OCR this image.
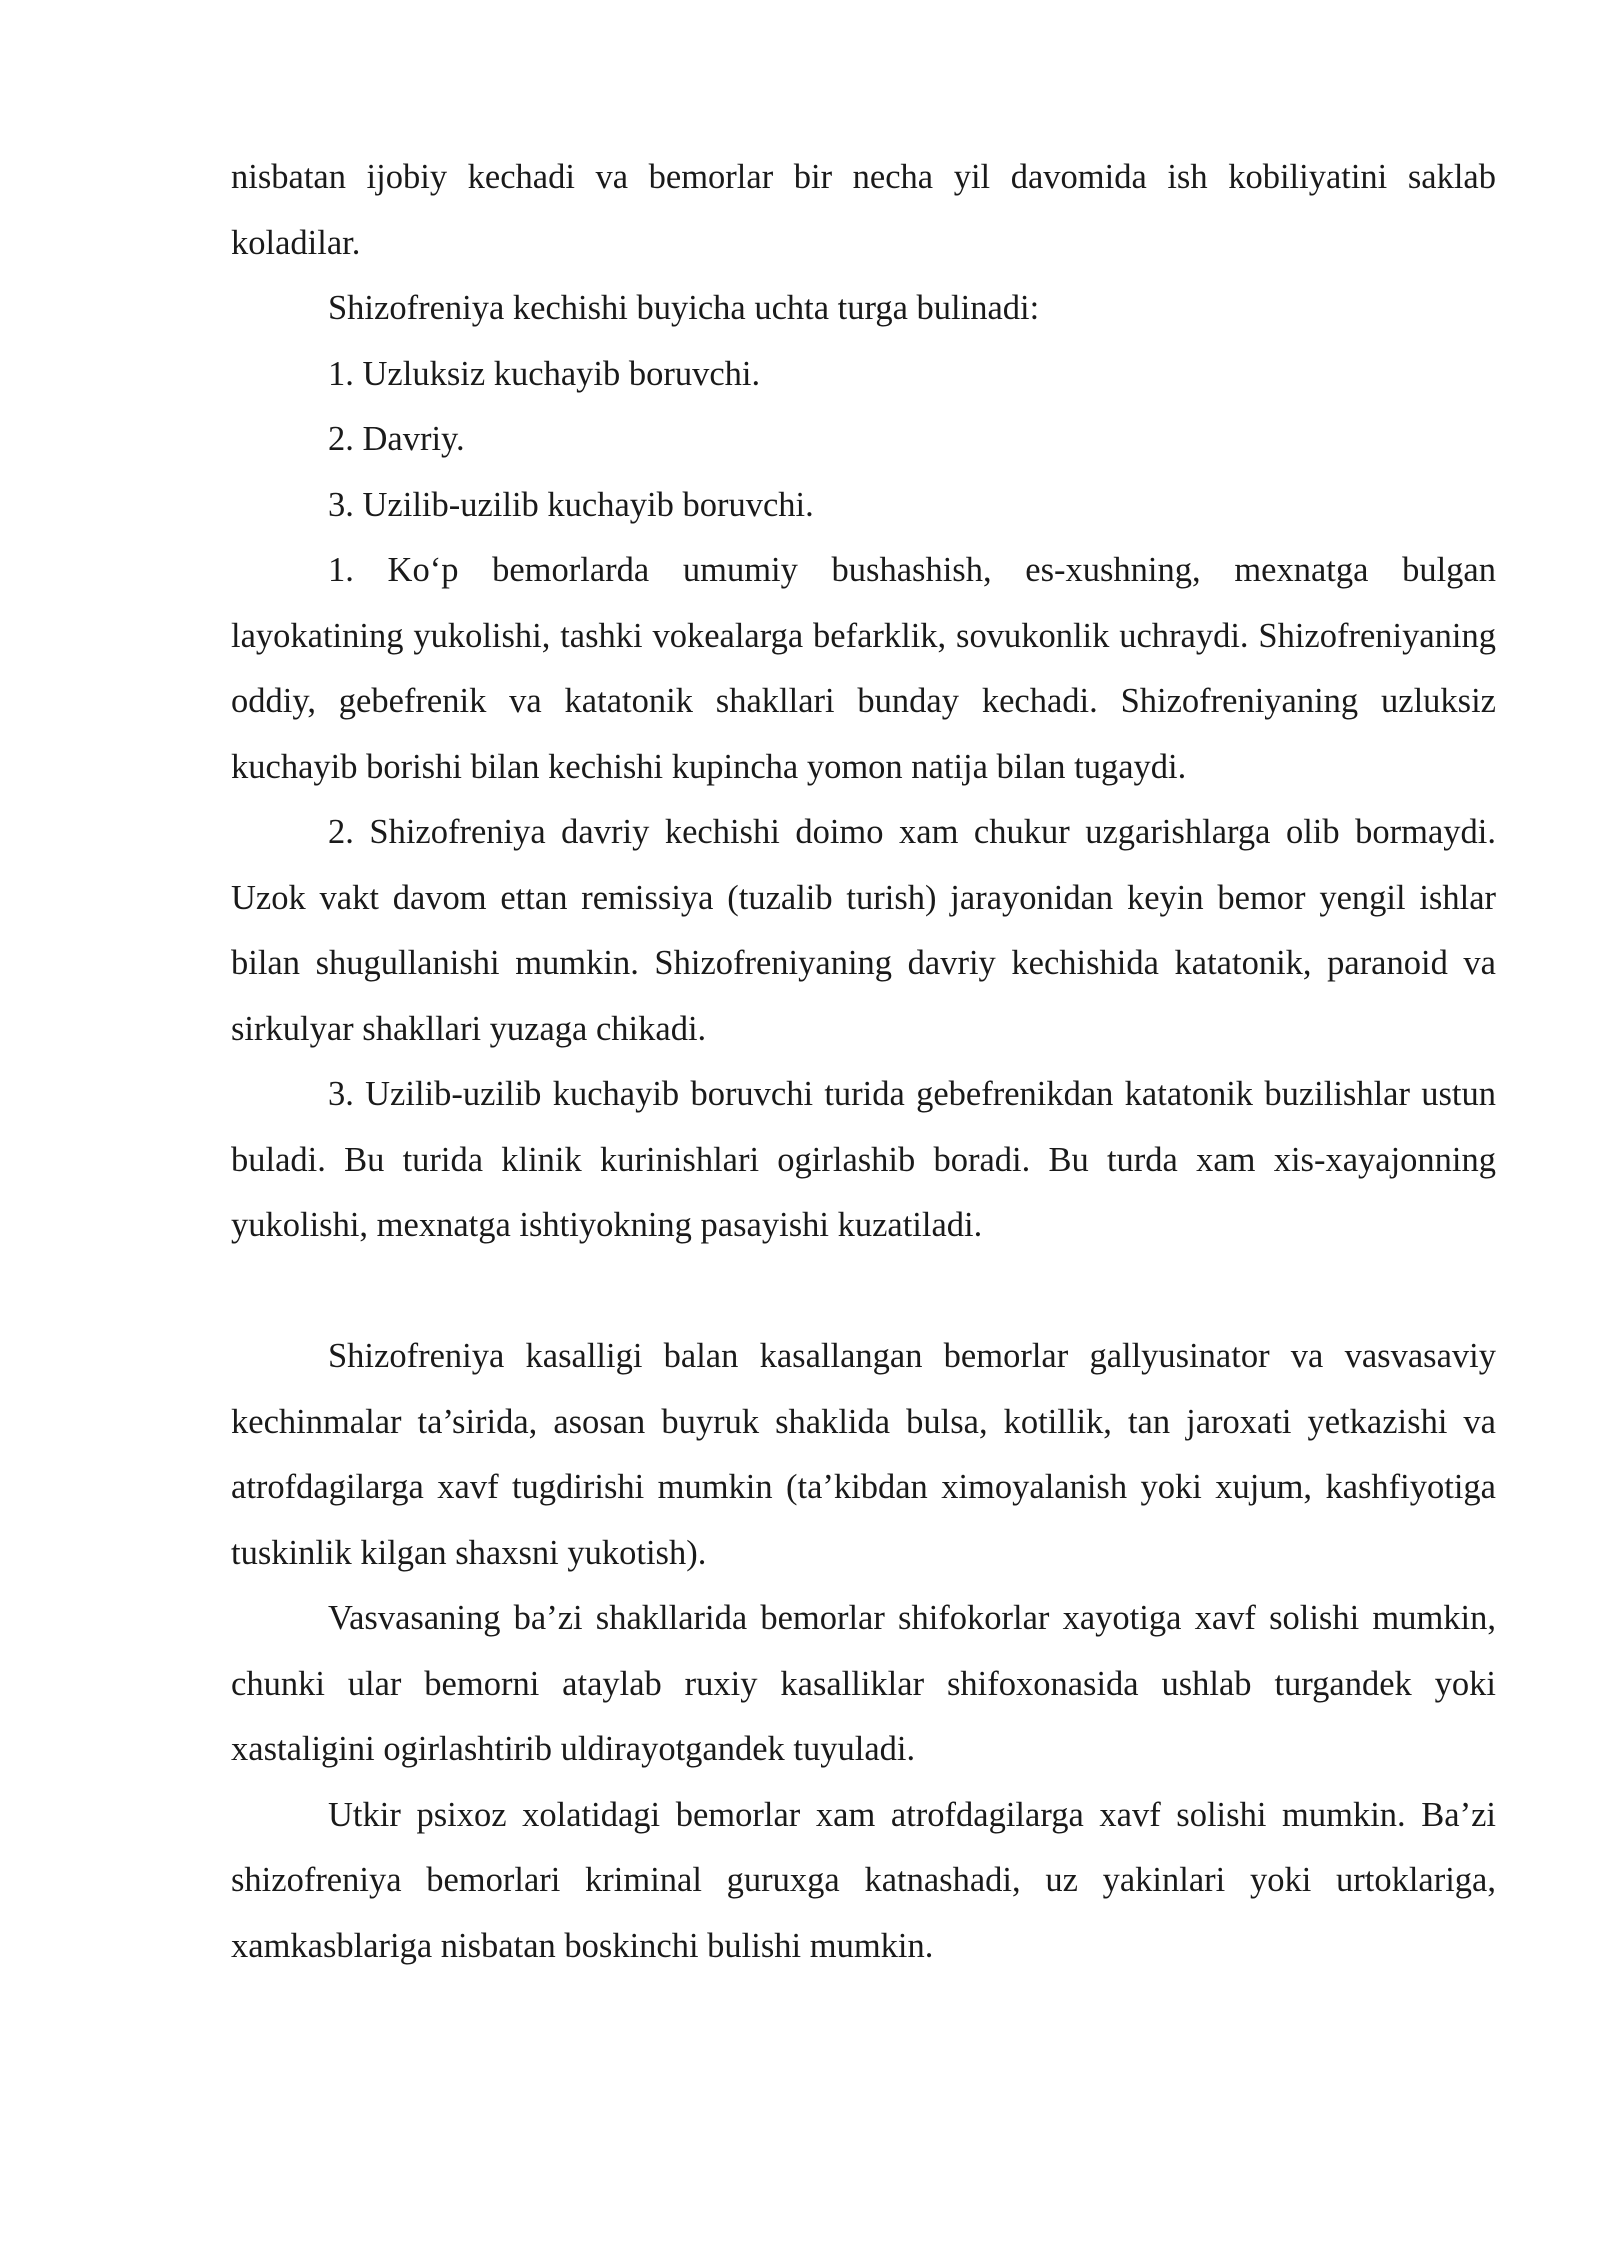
nisbatan ijobiy kechadi va bemorlar bir necha yil davomida ish kobiliyatini saklab koladilar.

Shizofreniya kechishi buyicha uchta turga bulinadi:

1. Uzluksiz kuchayib boruvchi.

2. Davriy.

3. Uzilib-uzilib kuchayib boruvchi.

1. Ko‘p bemorlarda umumiy bushashish, es-xushning, mexnatga bulgan layokatining yukolishi, tashki vokealarga befarklik, sovukonlik uchraydi. Shizofreniyaning oddiy, gebefrenik va katatonik shakllari bunday kechadi. Shizofreniyaning uzluksiz kuchayib borishi bilan kechishi kupincha yomon natija bilan tugaydi.

2. Shizofreniya davriy kechishi doimo xam chukur uzgarishlarga olib bormaydi. Uzok vakt davom ettan remissiya (tuzalib turish) jarayonidan keyin bemor yengil ishlar bilan shugullanishi mumkin. Shizofreniyaning davriy kechishida katatonik, paranoid va sirkulyar shakllari yuzaga chikadi.

3. Uzilib-uzilib kuchayib boruvchi turida gebefrenikdan katatonik buzilishlar ustun buladi. Bu turida klinik kurinishlari ogirlashib boradi. Bu turda xam xis-xayajonning yukolishi, mexnatga ishtiyokning pasayishi kuzatiladi.

Shizofreniya kasalligi balan kasallangan bemorlar gallyusinator va vasvasaviy kechinmalar ta’sirida, asosan buyruk shaklida bulsa, kotillik, tan jaroxati yetkazishi va atrofdagilarga xavf tugdirishi mumkin (ta’kibdan ximoyalanish yoki xujum, kashfiyotiga tuskinlik kilgan shaxsni yukotish).

Vasvasaning ba’zi shakllarida bemorlar shifokorlar xayotiga xavf solishi mumkin, chunki ular bemorni ataylab ruxiy kasalliklar shifoxonasida ushlab turgandek yoki xastaligini ogirlashtirib uldirayotgandek tuyuladi.

Utkir psixoz xolatidagi bemorlar xam atrofdagilarga xavf solishi mumkin. Ba’zi shizofreniya bemorlari kriminal guruxga katnashadi, uz yakinlari yoki urtoklariga, xamkasblariga nisbatan boskinchi bulishi mumkin.
